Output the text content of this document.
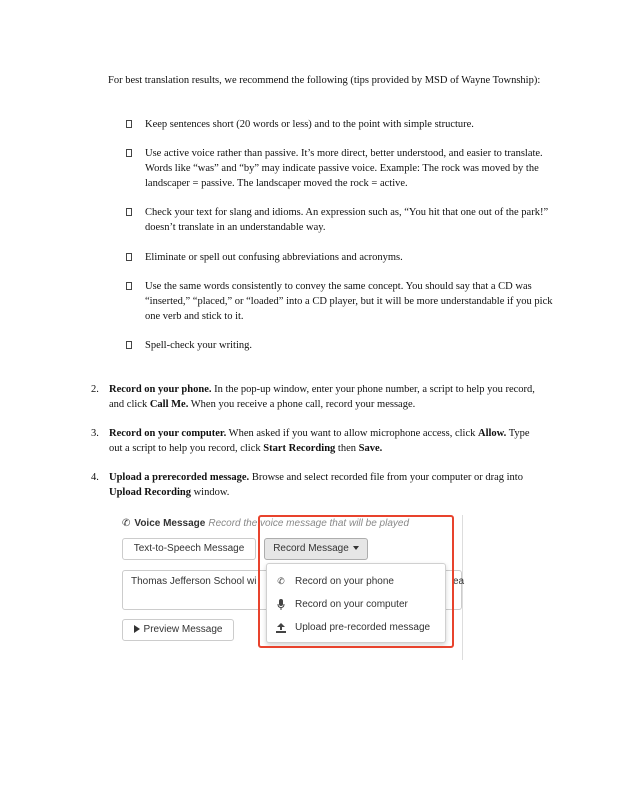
For best translation results, we recommend the following (tips provided by MSD of Wayne Township):
Keep sentences short (20 words or less) and to the point with simple structure.
Use active voice rather than passive. It’s more direct, better understood, and easier to translate. Words like “was” and “by” may indicate passive voice. Example: The rock was moved by the landscaper = passive. The landscaper moved the rock = active.
Check your text for slang and idioms. An expression such as, “You hit that one out of the park!” doesn’t translate in an understandable way.
Eliminate or spell out confusing abbreviations and acronyms.
Use the same words consistently to convey the same concept. You should say that a CD was “inserted,” “placed,” or “loaded” into a CD player, but it will be more understandable if you pick one verb and stick to it.
Spell-check your writing.
2. Record on your phone. In the pop-up window, enter your phone number, a script to help you record, and click Call Me. When you receive a phone call, record your message.
3. Record on your computer. When asked if you want to allow microphone access, click Allow. Type out a script to help you record, click Start Recording then Save.
4. Upload a prerecorded message. Browse and select recorded file from your computer or drag into Upload Recording window.
✆ Voice Message Record the voice message that will be played
Text-to-Speech Message	Record Message
Thomas Jefferson School wi	ea
Preview Message
✆ Record on your phone
Record on your computer
Upload pre-recorded message
